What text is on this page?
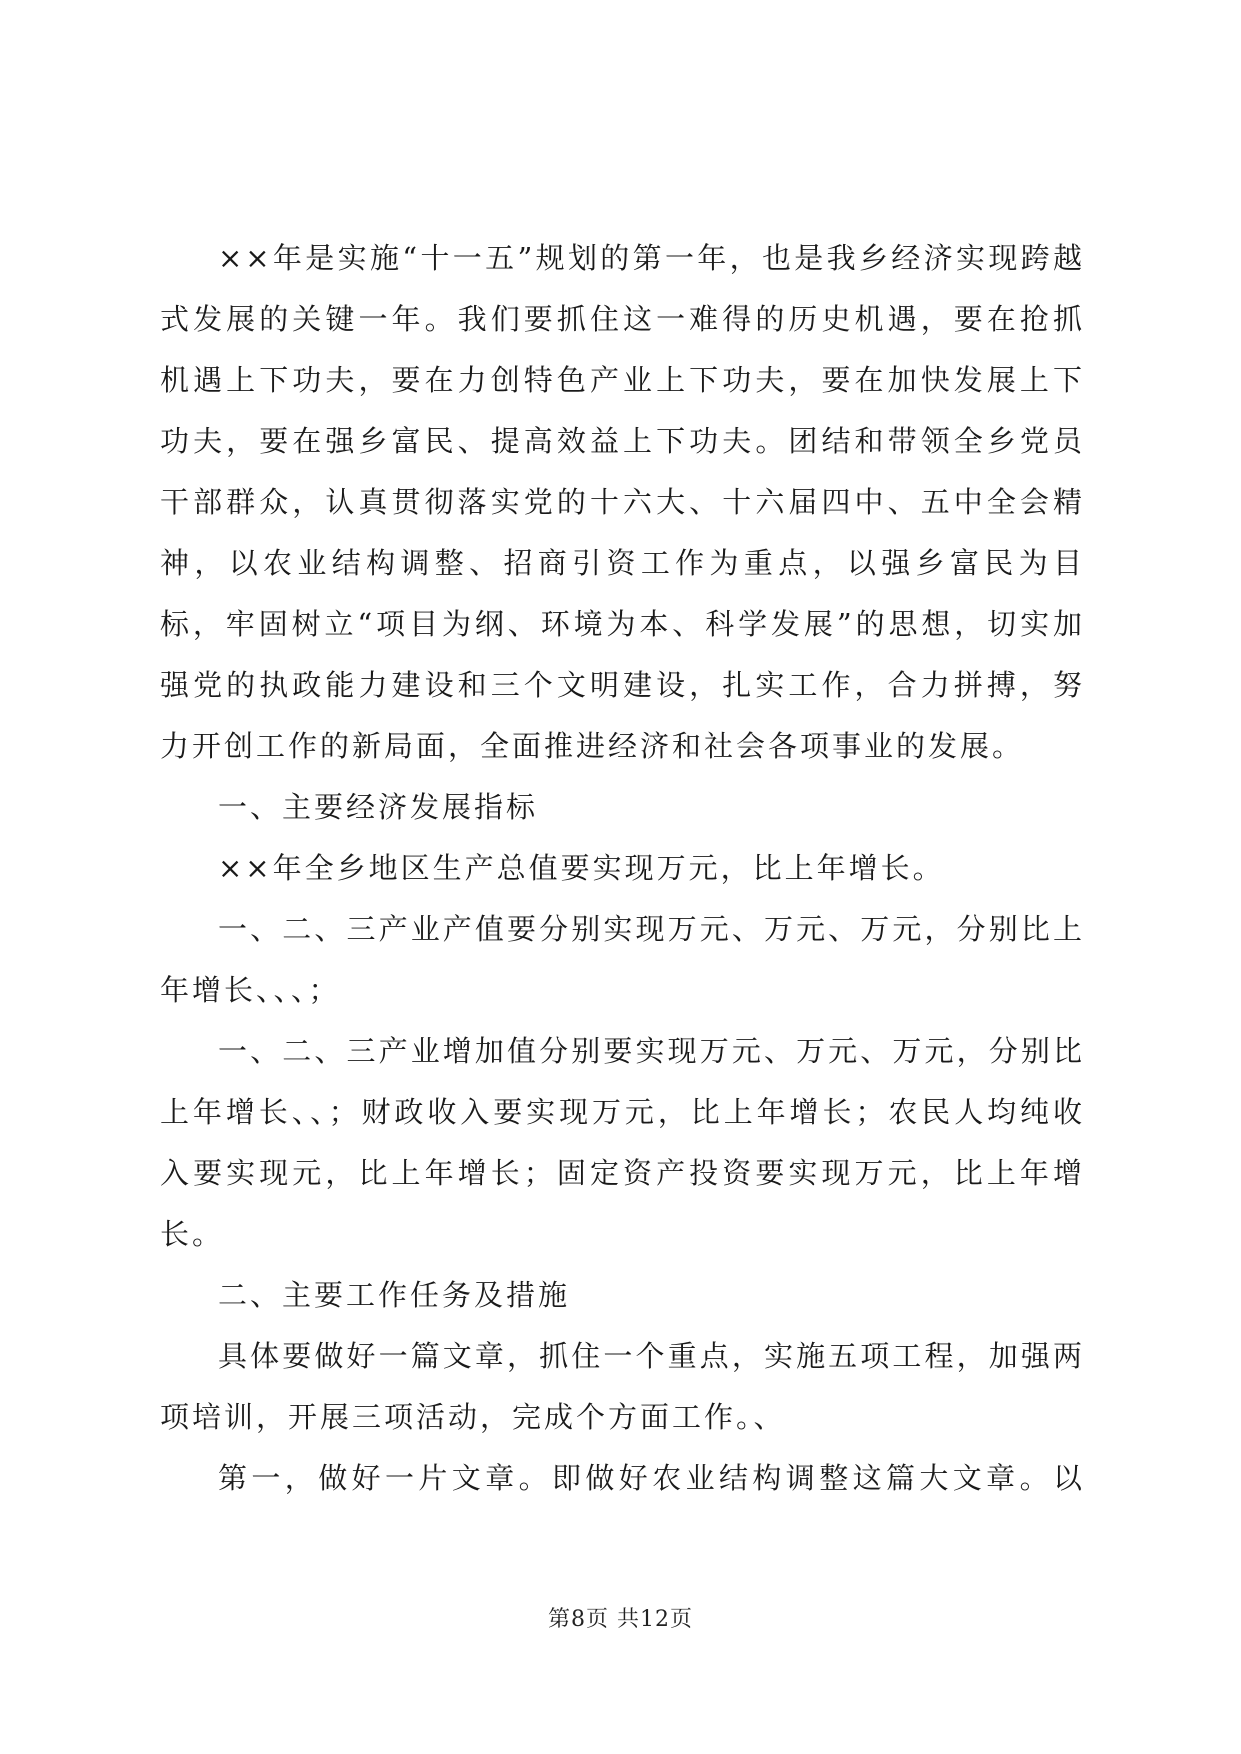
××年是实施“十一五”规划的第一年，也是我乡经济实现跨越式发展的关键一年。我们要抓住这一难得的历史机遇，要在抢抓机遇上下功夫，要在力创特色产业上下功夫，要在加快发展上下功夫，要在强乡富民、提高效益上下功夫。团结和带领全乡党员干部群众，认真贯彻落实党的十六大、十六届四中、五中全会精神，以农业结构调整、招商引资工作为重点，以强乡富民为目标，牢固树立“项目为纲、环境为本、科学发展”的思想，切实加强党的执政能力建设和三个文明建设，扎实工作，合力拼搏，努力开创工作的新局面，全面推进经济和社会各项事业的发展。

一、主要经济发展指标

××年全乡地区生产总值要实现万元，比上年增长。

一、二、三产业产值要分别实现万元、万元、万元，分别比上年增长、、、；

一、二、三产业增加值分别要实现万元、万元、万元，分别比上年增长、、；财政收入要实现万元，比上年增长；农民人均纯收入要实现元，比上年增长；固定资产投资要实现万元，比上年增长。

二、主要工作任务及措施

具体要做好一篇文章，抓住一个重点，实施五项工程，加强两项培训，开展三项活动，完成个方面工作。、

第一，做好一片文章。即做好农业结构调整这篇大文章。以

第8页 共12页
